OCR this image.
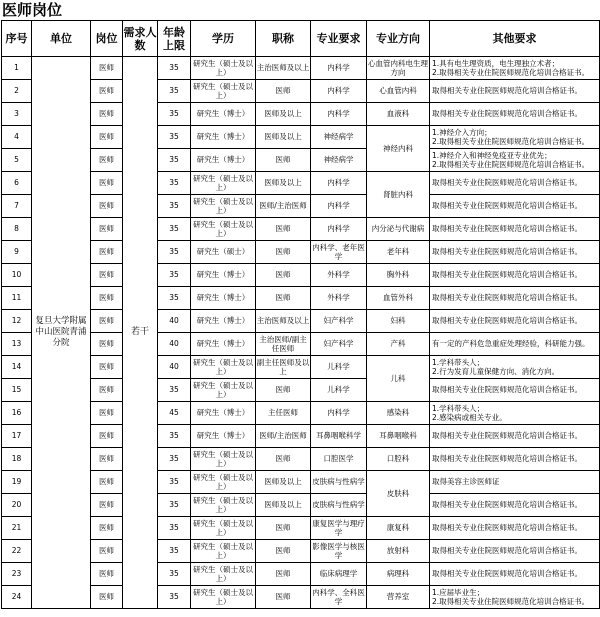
医师岗位
序号	单位	岗位	需求人数	年龄上限	学历	职称	专业要求	专业方向	其他要求
1	复旦大学附属中山医院青浦分院	医师	若干	35	研究生（硕士及以上）	主治医师及以上	内科学	心血管内科电生理方向	1.具有电生理资质，电生理独立术者；
2.取得相关专业住院医师规范化培训合格证书。
2		医师		35	研究生（硕士及以上）	医师	内科学	心血管内科	取得相关专业住院医师规范化培训合格证书。
3		医师		35	研究生（博士）	医师及以上	内科学	血液科	取得相关专业住院医师规范化培训合格证书。
4		医师		35	研究生（博士）	医师及以上	神经病学	神经内科	1.神经介入方向；
2.取得相关专业住院医师规范化培训合格证书。
5		医师		35	研究生（博士）	医师	神经病学		1.神经介入和神经免疫亚专业优先；
2.取得相关专业住院医师规范化培训合格证书。
6		医师		35	研究生（硕士及以上）	医师及以上	内科学	肾脏内科	取得相关专业住院医师规范化培训合格证书。
7		医师		35	研究生（硕士及以上）	医师/主治医师	内科学		取得相关专业住院医师规范化培训合格证书。
8		医师		35	研究生（硕士及以上）	医师	内科学	内分泌与代谢病	取得相关专业住院医师规范化培训合格证书。
9		医师		35	研究生（硕士）	医师	内科学、老年医学	老年科	取得相关专业住院医师规范化培训合格证书。
10		医师		35	研究生（博士）	医师	外科学	胸外科	取得相关专业住院医师规范化培训合格证书。
11		医师		35	研究生（博士）	医师	外科学	血管外科	取得相关专业住院医师规范化培训合格证书。
12		医师		40	研究生（博士）	主治医师及以上	妇产科学	妇科	取得相关专业住院医师规范化培训合格证书。
13		医师		40	研究生（博士）	主治医师/副主任医师	妇产科学	产科	有一定的产科危急重症处理经验，科研能力强。
14		医师		40	研究生（硕士及以上）	副主任医师及以上	儿科学	儿科	1.学科带头人；
2.行为发育儿童保健方向、消化方向。
15		医师		35	研究生（硕士及以上）	医师	儿科学		取得相关专业住院医师规范化培训合格证书。
16		医师		45	研究生（博士）	主任医师	内科学	感染科	1.学科带头人；
2.感染病或相关专业。
17		医师		35	研究生（博士）	医师/主治医师	耳鼻咽喉科学	耳鼻咽喉科	取得相关专业住院医师规范化培训合格证书。
18		医师		35	研究生（硕士及以上）	医师	口腔医学	口腔科	取得相关专业住院医师规范化培训合格证书。
19		医师		35	研究生（硕士及以上）	医师及以上	皮肤病与性病学	皮肤科	取得美容主诊医师证
20		医师		35	研究生（硕士及以上）	医师及以上	皮肤病与性病学		取得相关专业住院医师规范化培训合格证书。
21		医师		35	研究生（硕士及以上）	医师	康复医学与理疗学	康复科	取得相关专业住院医师规范化培训合格证书。
22		医师		35	研究生（硕士及以上）	医师	影像医学与核医学	放射科	取得相关专业住院医师规范化培训合格证书。
23		医师		35	研究生（硕士及以上）	医师	临床病理学	病理科	取得相关专业住院医师规范化培训合格证书。
24		医师		35	研究生（硕士及以上）	医师	内科学、全科医学	营养室	1.应届毕业生；
2.取得相关专业住院医师规范化培训合格证书。
